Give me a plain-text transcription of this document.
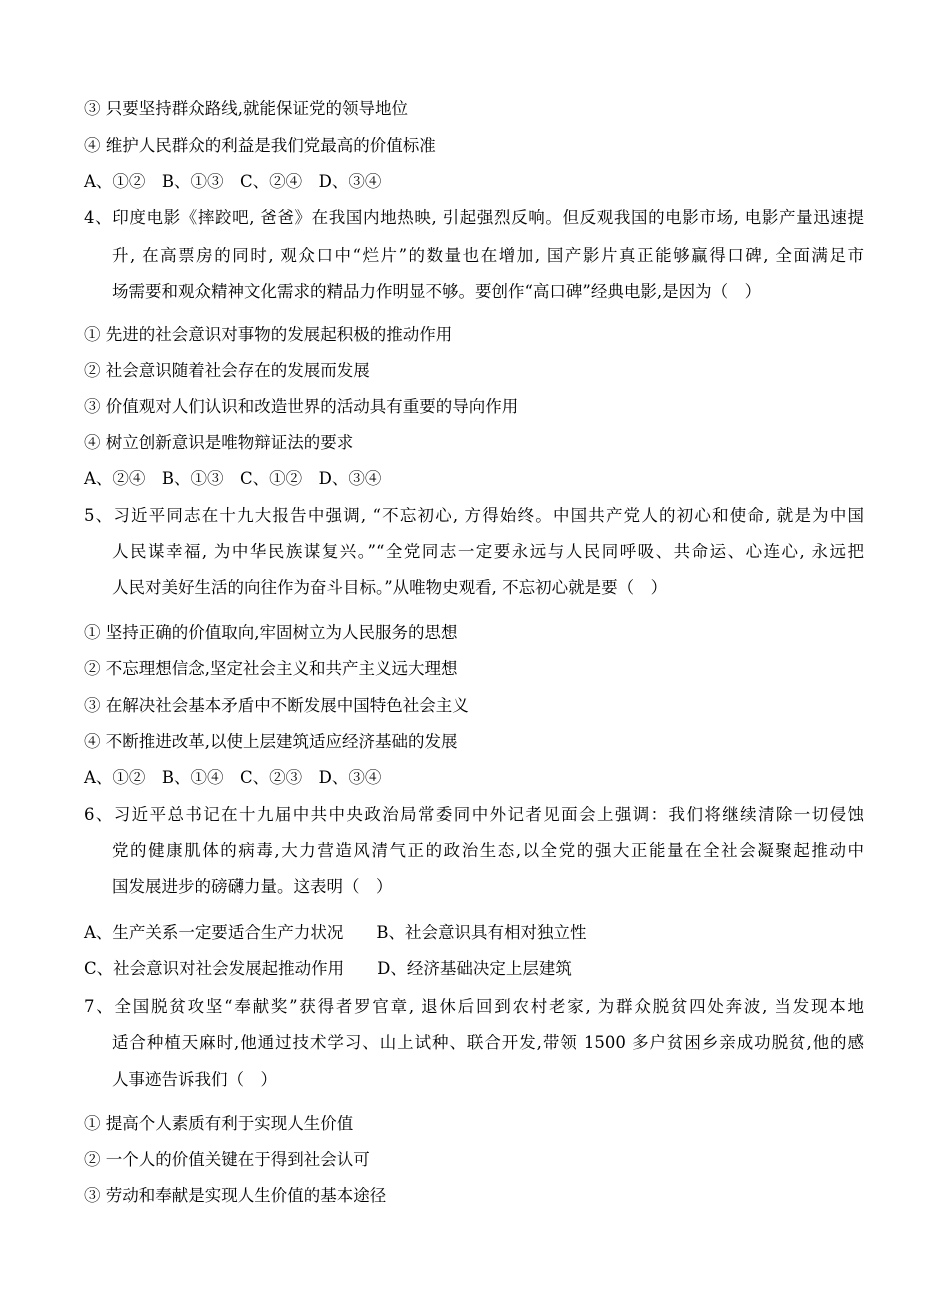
③ 只要坚持群众路线,就能保证党的领导地位
④ 维护人民群众的利益是我们党最高的价值标准
A、①②　B、①③　C、②④　D、③④
4、印度电影《摔跤吧, 爸爸》在我国内地热映, 引起强烈反响。但反观我国的电影市场, 电影产量迅速提
升, 在高票房的同时, 观众口中“烂片”的数量也在增加, 国产影片真正能够赢得口碑, 全面满足市
场需要和观众精神文化需求的精品力作明显不够。要创作“高口碑”经典电影,是因为（　）
① 先进的社会意识对事物的发展起积极的推动作用
② 社会意识随着社会存在的发展而发展
③ 价值观对人们认识和改造世界的活动具有重要的导向作用
④ 树立创新意识是唯物辩证法的要求
A、②④　B、①③　C、①②　D、③④
5、习近平同志在十九大报告中强调, “不忘初心, 方得始终。中国共产党人的初心和使命, 就是为中国
人民谋幸福, 为中华民族谋复兴。”“全党同志一定要永远与人民同呼吸、共命运、心连心, 永远把
人民对美好生活的向往作为奋斗目标。”从唯物史观看, 不忘初心就是要（　）
① 坚持正确的价值取向,牢固树立为人民服务的思想
② 不忘理想信念,坚定社会主义和共产主义远大理想
③ 在解决社会基本矛盾中不断发展中国特色社会主义
④ 不断推进改革,以使上层建筑适应经济基础的发展
A、①②　B、①④　C、②③　D、③④
6、习近平总书记在十九届中共中央政治局常委同中外记者见面会上强调：我们将继续清除一切侵蚀
党的健康肌体的病毒,大力营造风清气正的政治生态,以全党的强大正能量在全社会凝聚起推动中
国发展进步的磅礴力量。这表明（　）
A、生产关系一定要适合生产力状况　　B、社会意识具有相对独立性
C、社会意识对社会发展起推动作用　　D、经济基础决定上层建筑
7、全国脱贫攻坚“奉献奖”获得者罗官章, 退休后回到农村老家, 为群众脱贫四处奔波, 当发现本地
适合种植天麻时,他通过技术学习、山上试种、联合开发,带领 1500 多户贫困乡亲成功脱贫,他的感
人事迹告诉我们（　）
① 提高个人素质有利于实现人生价值
② 一个人的价值关键在于得到社会认可
③ 劳动和奉献是实现人生价值的基本途径
